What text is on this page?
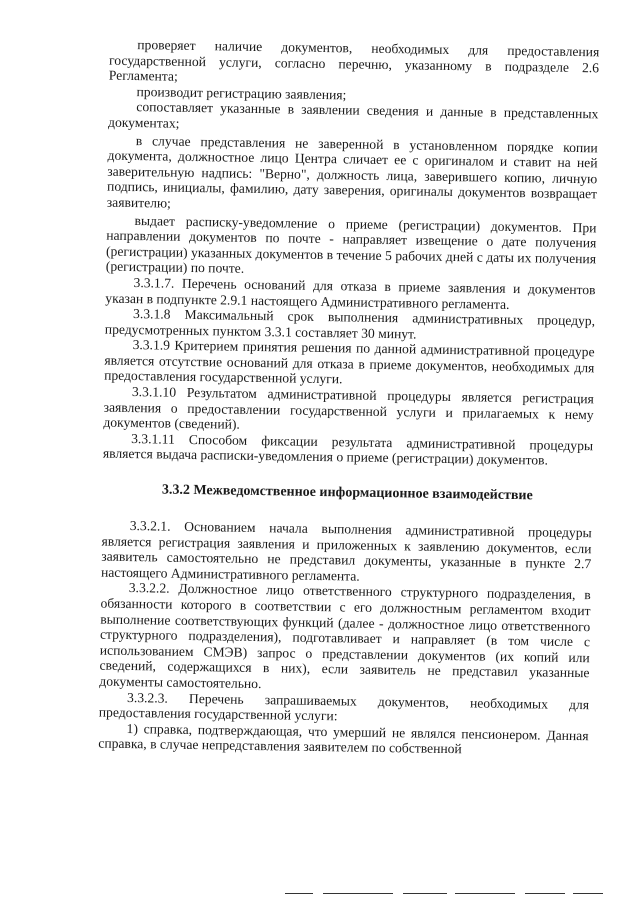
проверяет наличие документов, необходимых для предоставления государственной услуги, согласно перечню, указанному в подразделе 2.6 Регламента;

производит регистрацию заявления;

сопоставляет указанные в заявлении сведения и данные в представленных документах;

в случае представления не заверенной в установленном порядке копии документа, должностное лицо Центра сличает ее с оригиналом и ставит на ней заверительную надпись: "Верно", должность лица, заверившего копию, личную подпись, инициалы, фамилию, дату заверения, оригиналы документов возвращает заявителю;

выдает расписку-уведомление о приеме (регистрации) документов. При направлении документов по почте - направляет извещение о дате получения (регистрации) указанных документов в течение 5 рабочих дней с даты их получения (регистрации) по почте.

3.3.1.7. Перечень оснований для отказа в приеме заявления и документов указан в подпункте 2.9.1 настоящего Административного регламента.

3.3.1.8 Максимальный срок выполнения административных процедур, предусмотренных пунктом 3.3.1 составляет 30 минут.

3.3.1.9 Критерием принятия решения по данной административной процедуре является отсутствие оснований для отказа в приеме документов, необходимых для предоставления государственной услуги.

3.3.1.10 Результатом административной процедуры является регистрация заявления о предоставлении государственной услуги и прилагаемых к нему документов (сведений).

3.3.1.11 Способом фиксации результата административной процедуры является выдача расписки-уведомления о приеме (регистрации) документов.

3.3.2 Межведомственное информационное взаимодействие

3.3.2.1. Основанием начала выполнения административной процедуры является регистрация заявления и приложенных к заявлению документов, если заявитель самостоятельно не представил документы, указанные в пункте 2.7 настоящего Административного регламента.

3.3.2.2. Должностное лицо ответственного структурного подразделения, в обязанности которого в соответствии с его должностным регламентом входит выполнение соответствующих функций (далее - должностное лицо ответственного структурного подразделения), подготавливает и направляет (в том числе с использованием СМЭВ) запрос о представлении документов (их копий или сведений, содержащихся в них), если заявитель не представил указанные документы самостоятельно.

3.3.2.3. Перечень запрашиваемых документов, необходимых для предоставления государственной услуги:

1) справка, подтверждающая, что умерший не являлся пенсионером. Данная справка, в случае непредставления заявителем по собственной
